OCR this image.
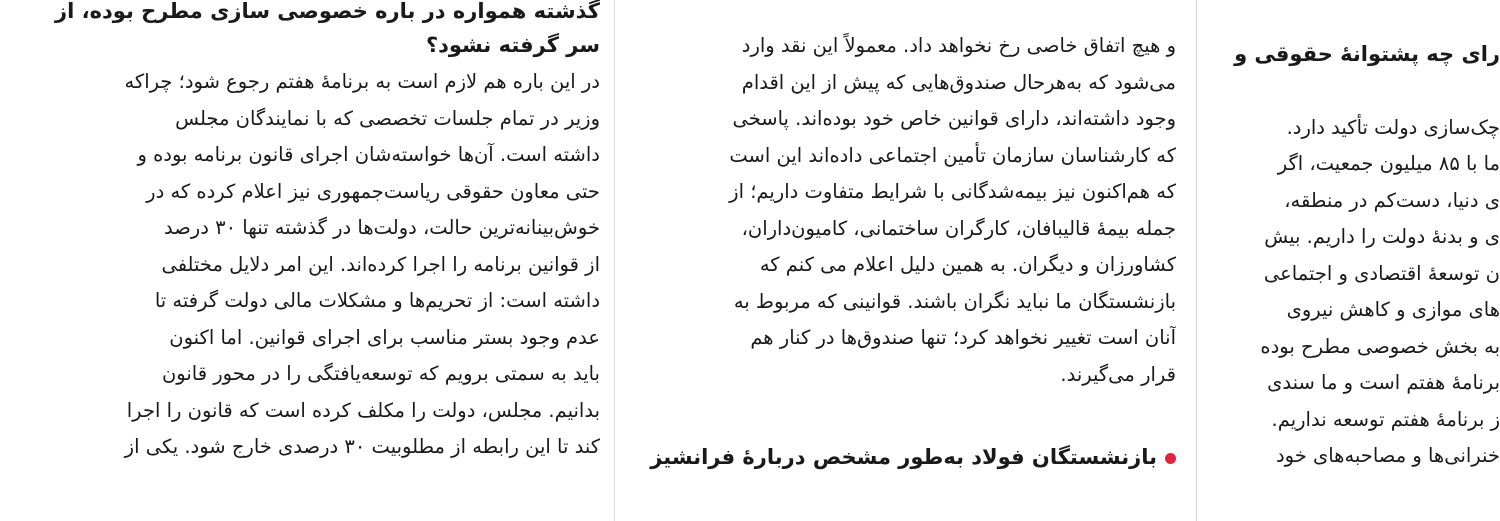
گذشته همواره در باره خصوصی سازی مطرح بوده، از
سر گرفته نشود؟
در این باره هم لازم است به برنامهٔ هفتم رجوع شود؛ چراکه
وزیر در تمام جلسات تخصصی که با نمایندگان مجلس
داشته است. آن‌ها خواسته‌شان اجرای قانون برنامه بوده و
حتی معاون حقوقی ریاست‌جمهوری نیز اعلام کرده که در
خوش‌بینانه‌ترین حالت، دولت‌ها در گذشته تنها ۳۰ درصد
از قوانین برنامه را اجرا کرده‌اند. این امر دلایل مختلفی
داشته است: از تحریم‌ها و مشکلات مالی دولت گرفته تا
عدم وجود بستر مناسب برای اجرای قوانین. اما اکنون
باید به سمتی برویم که توسعه‌یافتگی را در محور قانون
بدانیم. مجلس، دولت را مکلف کرده است که قانون را اجرا
کند تا این رابطه از مطلوبیت ۳۰ درصدی خارج شود. یکی از
و هیچ اتفاق خاصی رخ نخواهد داد. معمولاً این نقد وارد
می‌شود که به‌هرحال صندوق‌هایی که پیش از این اقدام
وجود داشته‌اند، دارای قوانین خاص خود بوده‌اند. پاسخی
که کارشناسان سازمان تأمین اجتماعی داده‌اند این است
که هم‌اکنون نیز بیمه‌شدگانی با شرایط متفاوت داریم؛ از
جمله بیمهٔ قالیبافان، کارگران ساختمانی، کامیون‌داران،
کشاورزان و دیگران. به همین دلیل اعلام می‌ کنم که
بازنشستگان ما نباید نگران باشند. قوانینی که مربوط به
آنان است تغییر نخواهد کرد؛ تنها صندوق‌ها در کنار هم
قرار می‌گیرند.
بازنشستگان فولاد به‌طور مشخص دربارهٔ فرانشیز
رای چه پشتوانهٔ حقوقی و
چک‌سازی دولت تأکید دارد.
ما با ۸۵ میلیون جمعیت، اگر
ی دنیا، دست‌کم در منطقه،
ی و بدنهٔ دولت را داریم. بیش
ن توسعهٔ اقتصادی و اجتماعی
های موازی و کاهش نیروی
به بخش خصوصی مطرح بوده
برنامهٔ هفتم است و ما سندی
ز برنامهٔ هفتم توسعه نداریم.
خنرانی‌ها و مصاحبه‌های خود
